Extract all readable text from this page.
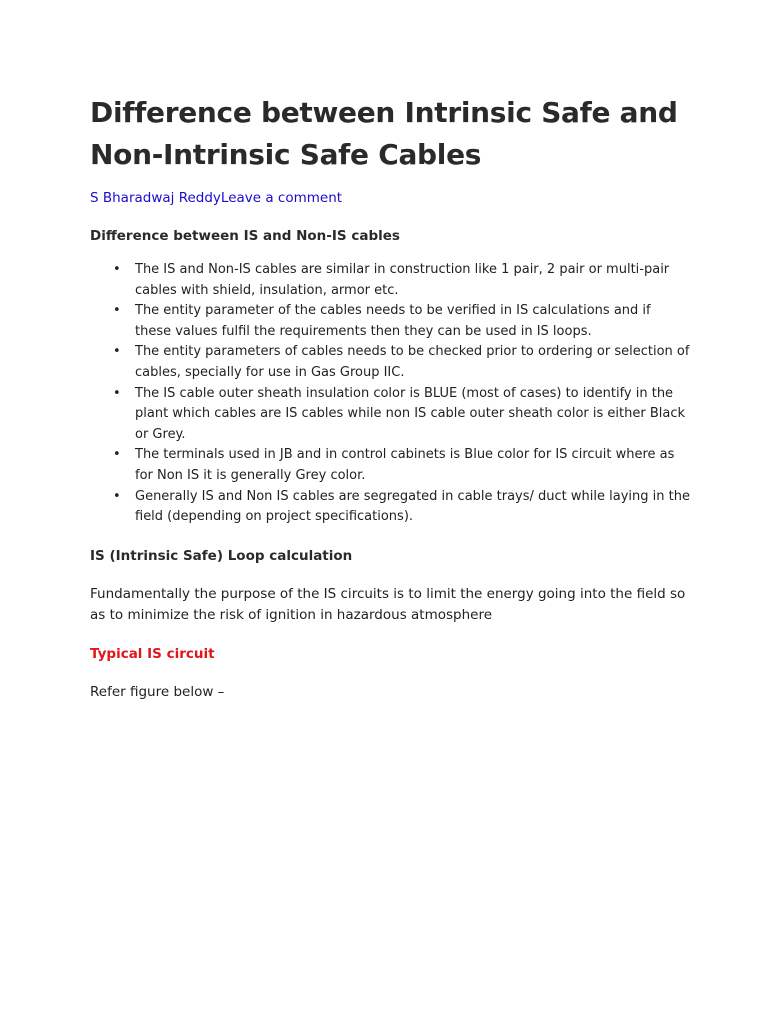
Difference between Intrinsic Safe and
Non-Intrinsic Safe Cables
S Bharadwaj ReddyLeave a comment
Difference between IS and Non-IS cables
• The IS and Non-IS cables are similar in construction like 1 pair, 2 pair or multi-pair cables with shield, insulation, armor etc.
• The entity parameter of the cables needs to be verified in IS calculations and if these values fulfil the requirements then they can be used in IS loops.
• The entity parameters of cables needs to be checked prior to ordering or selection of cables, specially for use in Gas Group IIC.
• The IS cable outer sheath insulation color is BLUE (most of cases) to identify in the plant which cables are IS cables while non IS cable outer sheath color is either Black or Grey.
• The terminals used in JB and in control cabinets is Blue color for IS circuit where as for Non IS it is generally Grey color.
• Generally IS and Non IS cables are segregated in cable trays/ duct while laying in the field (depending on project specifications).
IS (Intrinsic Safe) Loop calculation
Fundamentally the purpose of the IS circuits is to limit the energy going into the field so as to minimize the risk of ignition in hazardous atmosphere
Typical IS circuit
Refer figure below –
